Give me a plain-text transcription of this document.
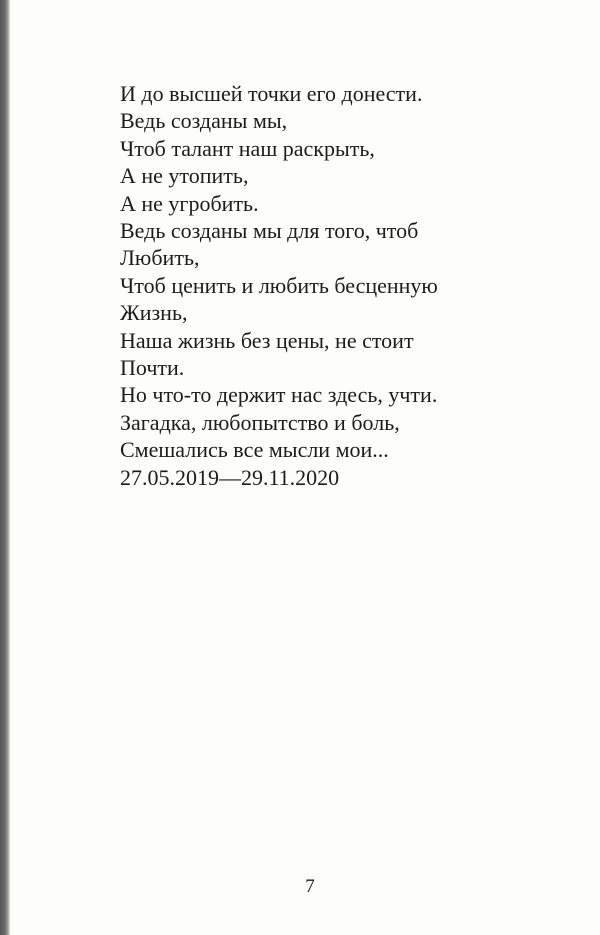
И до высшей точки его донести.
Ведь созданы мы,
Чтоб талант наш раскрыть,
А не утопить,
А не угробить.
Ведь созданы мы для того, чтоб
Любить,
Чтоб ценить и любить бесценную
Жизнь,
Наша жизнь без цены, не стоит
Почти.
Но что-то держит нас здесь, учти.
Загадка, любопытство и боль,
Смешались все мысли мои...
27.05.2019—29.11.2020
7
